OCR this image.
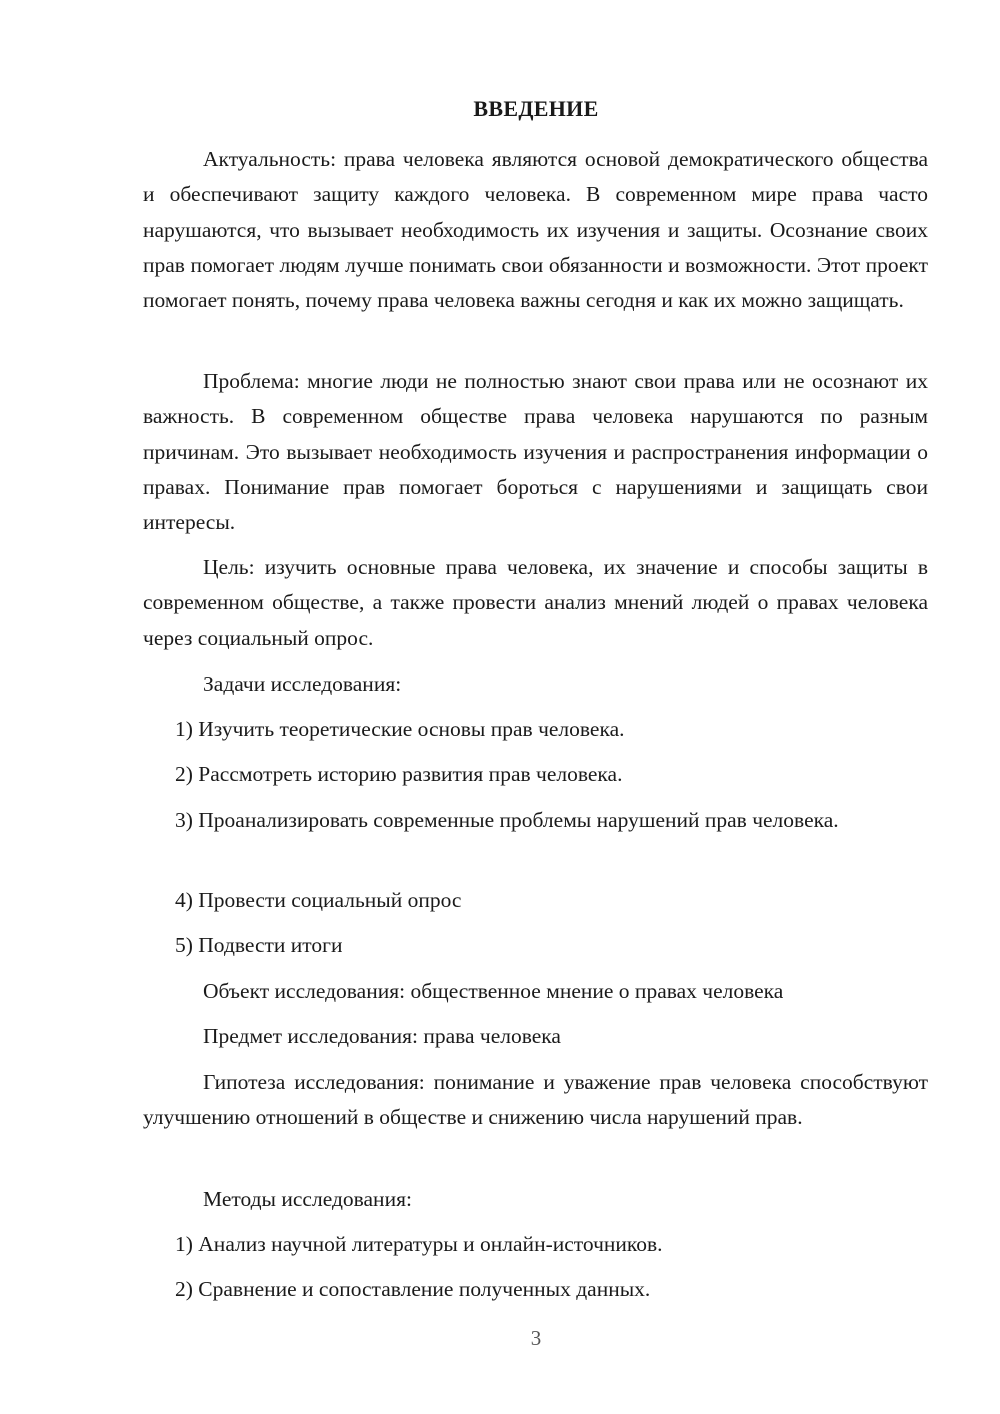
ВВЕДЕНИЕ
Актуальность: права человека являются основой демократического общества и обеспечивают защиту каждого человека. В современном мире права часто нарушаются, что вызывает необходимость их изучения и защиты. Осознание своих прав помогает людям лучше понимать свои обязанности и возможности. Этот проект помогает понять, почему права человека важны сегодня и как их можно защищать.
Проблема: многие люди не полностью знают свои права или не осознают их важность. В современном обществе права человека нарушаются по разным причинам. Это вызывает необходимость изучения и распространения информации о правах. Понимание прав помогает бороться с нарушениями и защищать свои интересы.
Цель: изучить основные права человека, их значение и способы защиты в современном обществе, а также провести анализ мнений людей о правах человека через социальный опрос.
Задачи исследования:
1) Изучить теоретические основы прав человека.
2) Рассмотреть историю развития прав человека.
3) Проанализировать современные проблемы нарушений прав человека.
4) Провести социальный опрос
5) Подвести итоги
Объект исследования: общественное мнение о правах человека
Предмет исследования: права человека
Гипотеза исследования: понимание и уважение прав человека способствуют улучшению отношений в обществе и снижению числа нарушений прав.
Методы исследования:
1) Анализ научной литературы и онлайн-источников.
2) Сравнение и сопоставление полученных данных.
3
